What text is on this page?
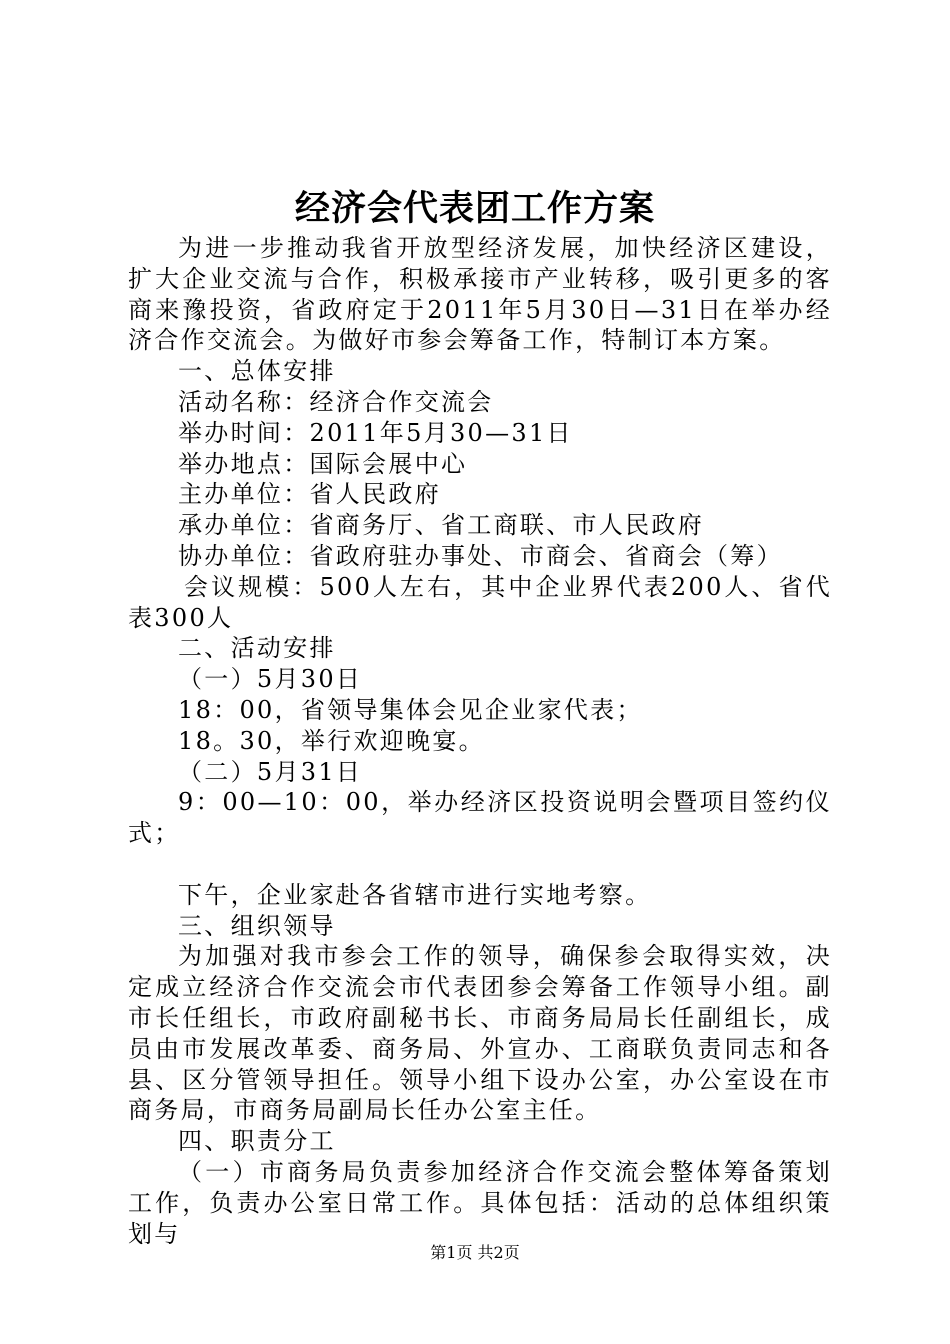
经济会代表团工作方案

为进一步推动我省开放型经济发展，加快经济区建设，扩大企业交流与合作，积极承接市产业转移，吸引更多的客商来豫投资，省政府定于2011年5月30日—31日在举办经济合作交流会。为做好市参会筹备工作，特制订本方案。

一、总体安排

活动名称：经济合作交流会

举办时间：2011年5月30—31日

举办地点：国际会展中心

主办单位：省人民政府

承办单位：省商务厅、省工商联、市人民政府

协办单位：省政府驻办事处、市商会、省商会（筹）

会议规模：500人左右，其中企业界代表200人、省代表300人

二、活动安排

（一）5月30日

18：00，省领导集体会见企业家代表；

18。30，举行欢迎晚宴。

（二）5月31日

9：00—10：00，举办经济区投资说明会暨项目签约仪式；

下午，企业家赴各省辖市进行实地考察。

三、组织领导

为加强对我市参会工作的领导，确保参会取得实效，决定成立经济合作交流会市代表团参会筹备工作领导小组。副市长任组长，市政府副秘书长、市商务局局长任副组长，成员由市发展改革委、商务局、外宣办、工商联负责同志和各县、区分管领导担任。领导小组下设办公室，办公室设在市商务局，市商务局副局长任办公室主任。

四、职责分工

（一）市商务局负责参加经济合作交流会整体筹备策划工作，负责办公室日常工作。具体包括：活动的总体组织策划与

第1页 共2页
